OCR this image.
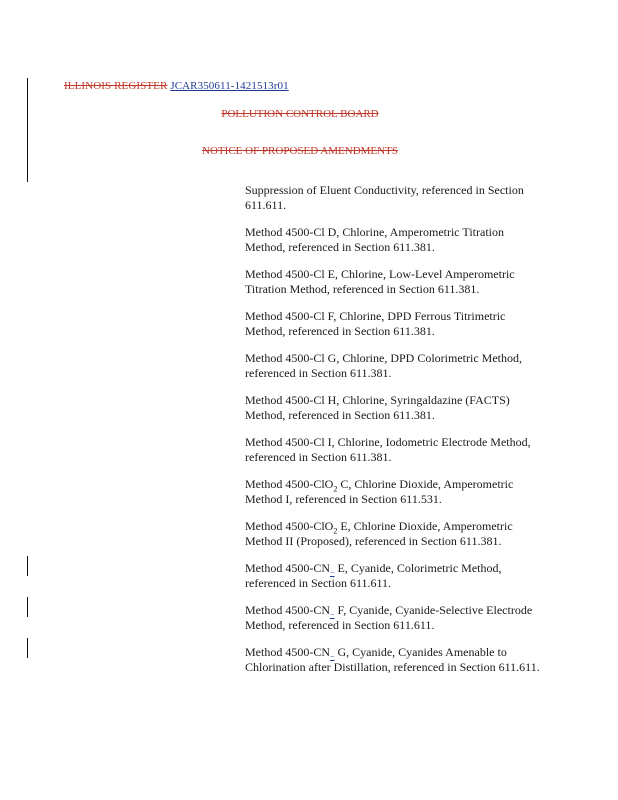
ILLINOIS REGISTER JCAR350611-1421513r01
POLLUTION CONTROL BOARD
NOTICE OF PROPOSED AMENDMENTS

Suppression of Eluent Conductivity, referenced in Section 611.611.

Method 4500-Cl D, Chlorine, Amperometric Titration Method, referenced in Section 611.381.

Method 4500-Cl E, Chlorine, Low-Level Amperometric Titration Method, referenced in Section 611.381.

Method 4500-Cl F, Chlorine, DPD Ferrous Titrimetric Method, referenced in Section 611.381.

Method 4500-Cl G, Chlorine, DPD Colorimetric Method, referenced in Section 611.381.

Method 4500-Cl H, Chlorine, Syringaldazine (FACTS) Method, referenced in Section 611.381.

Method 4500-Cl I, Chlorine, Iodometric Electrode Method, referenced in Section 611.381.

Method 4500-ClO$_2$ C, Chlorine Dioxide, Amperometric Method I, referenced in Section 611.531.

Method 4500-ClO$_2$ E, Chlorine Dioxide, Amperometric Method II (Proposed), referenced in Section 611.381.

Method $4500-CN_-$ E, Cyanide, Colorimetric Method, referenced in Section 611.611.

Method $4500-CN_-$ F, Cyanide, Cyanide-Selective Electrode Method, referenced in Section 611.611.

Method $4500-CN_-$ G, Cyanide, Cyanides Amenable to Chlorination after Distillation, referenced in Section 611.611.
